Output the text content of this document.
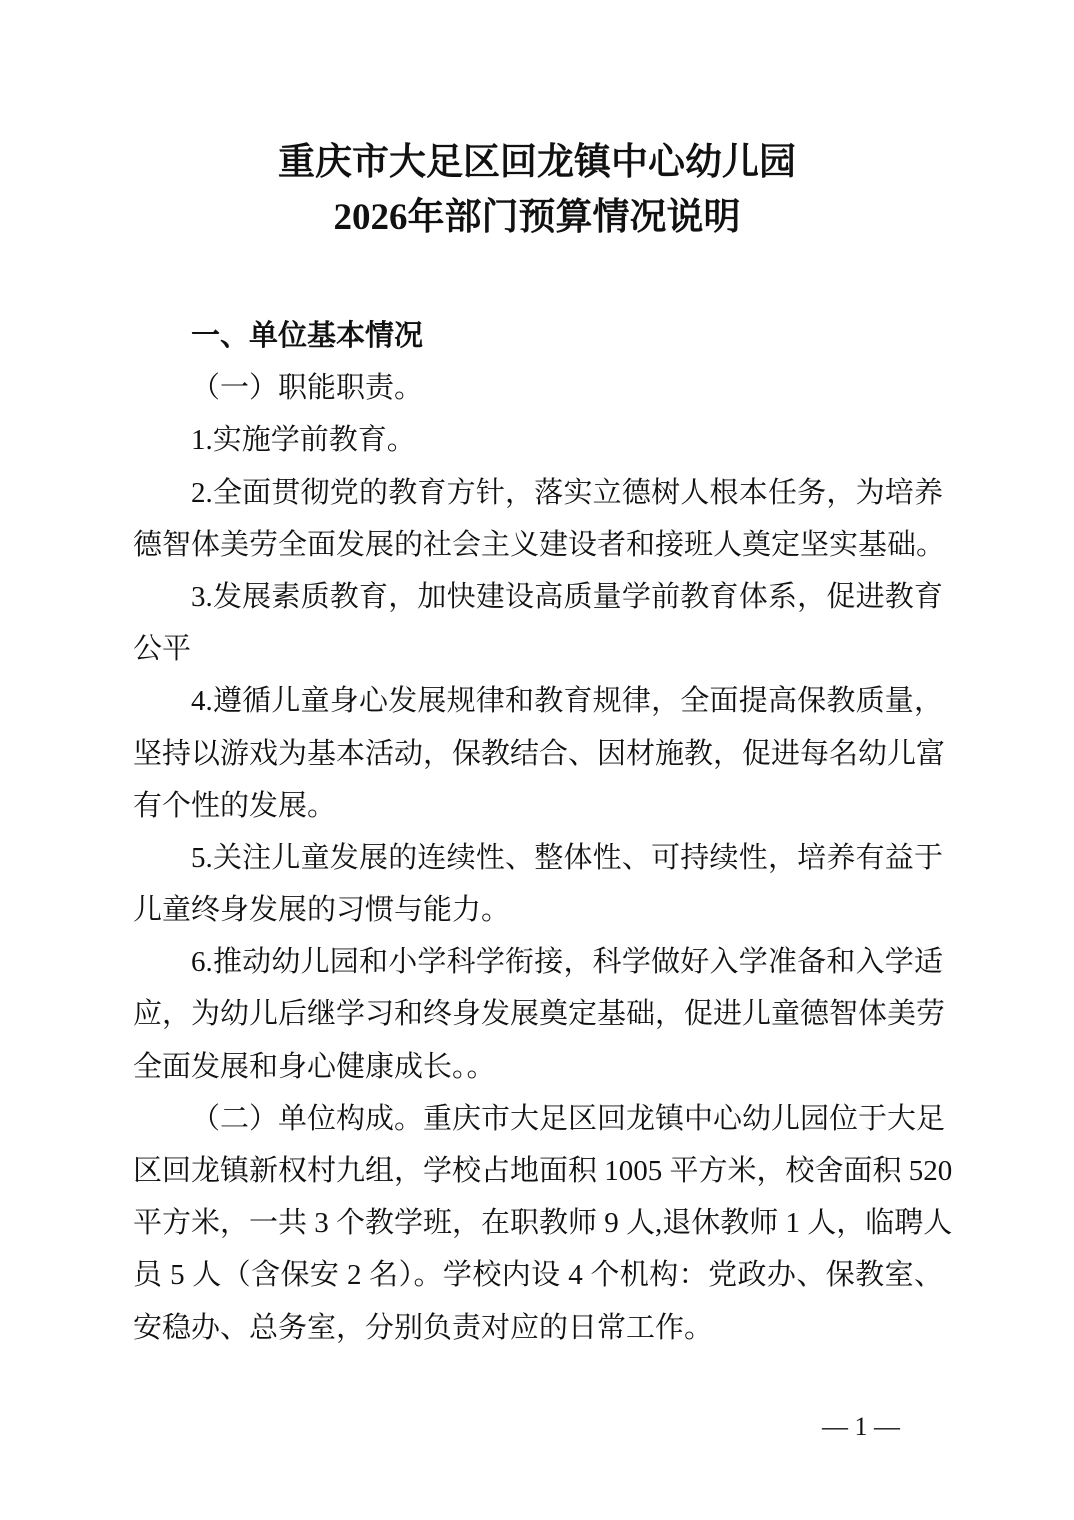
重庆市大足区回龙镇中心幼儿园
2026年部门预算情况说明
一、单位基本情况
（一）职能职责。
1.实施学前教育。
2.全面贯彻党的教育方针，落实立德树人根本任务，为培养
德智体美劳全面发展的社会主义建设者和接班人奠定坚实基础。
3.发展素质教育，加快建设高质量学前教育体系，促进教育
公平
4.遵循儿童身心发展规律和教育规律，全面提高保教质量，
坚持以游戏为基本活动，保教结合、因材施教，促进每名幼儿富
有个性的发展。
5.关注儿童发展的连续性、整体性、可持续性，培养有益于
儿童终身发展的习惯与能力。
6.推动幼儿园和小学科学衔接，科学做好入学准备和入学适
应，为幼儿后继学习和终身发展奠定基础，促进儿童德智体美劳
全面发展和身心健康成长。。
（二）单位构成。重庆市大足区回龙镇中心幼儿园位于大足
区回龙镇新权村九组，学校占地面积 1005 平方米，校舍面积 520
平方米，一共 3 个教学班，在职教师 9 人,退休教师 1 人，临聘人
员 5 人（含保安 2 名）。学校内设 4 个机构：党政办、保教室、
安稳办、总务室，分别负责对应的日常工作。
— 1 —
